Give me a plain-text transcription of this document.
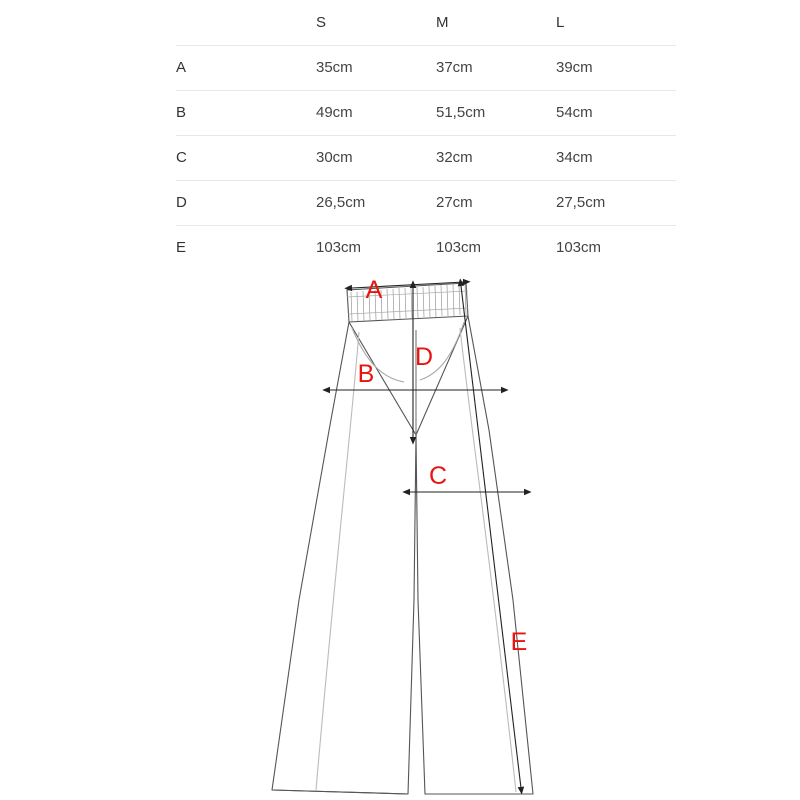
	S	M	L
A	35cm	37cm	39cm
B	49cm	51,5cm	54cm
C	30cm	32cm	34cm
D	26,5cm	27cm	27,5cm
E	103cm	103cm	103cm
A
B
C
D
E
